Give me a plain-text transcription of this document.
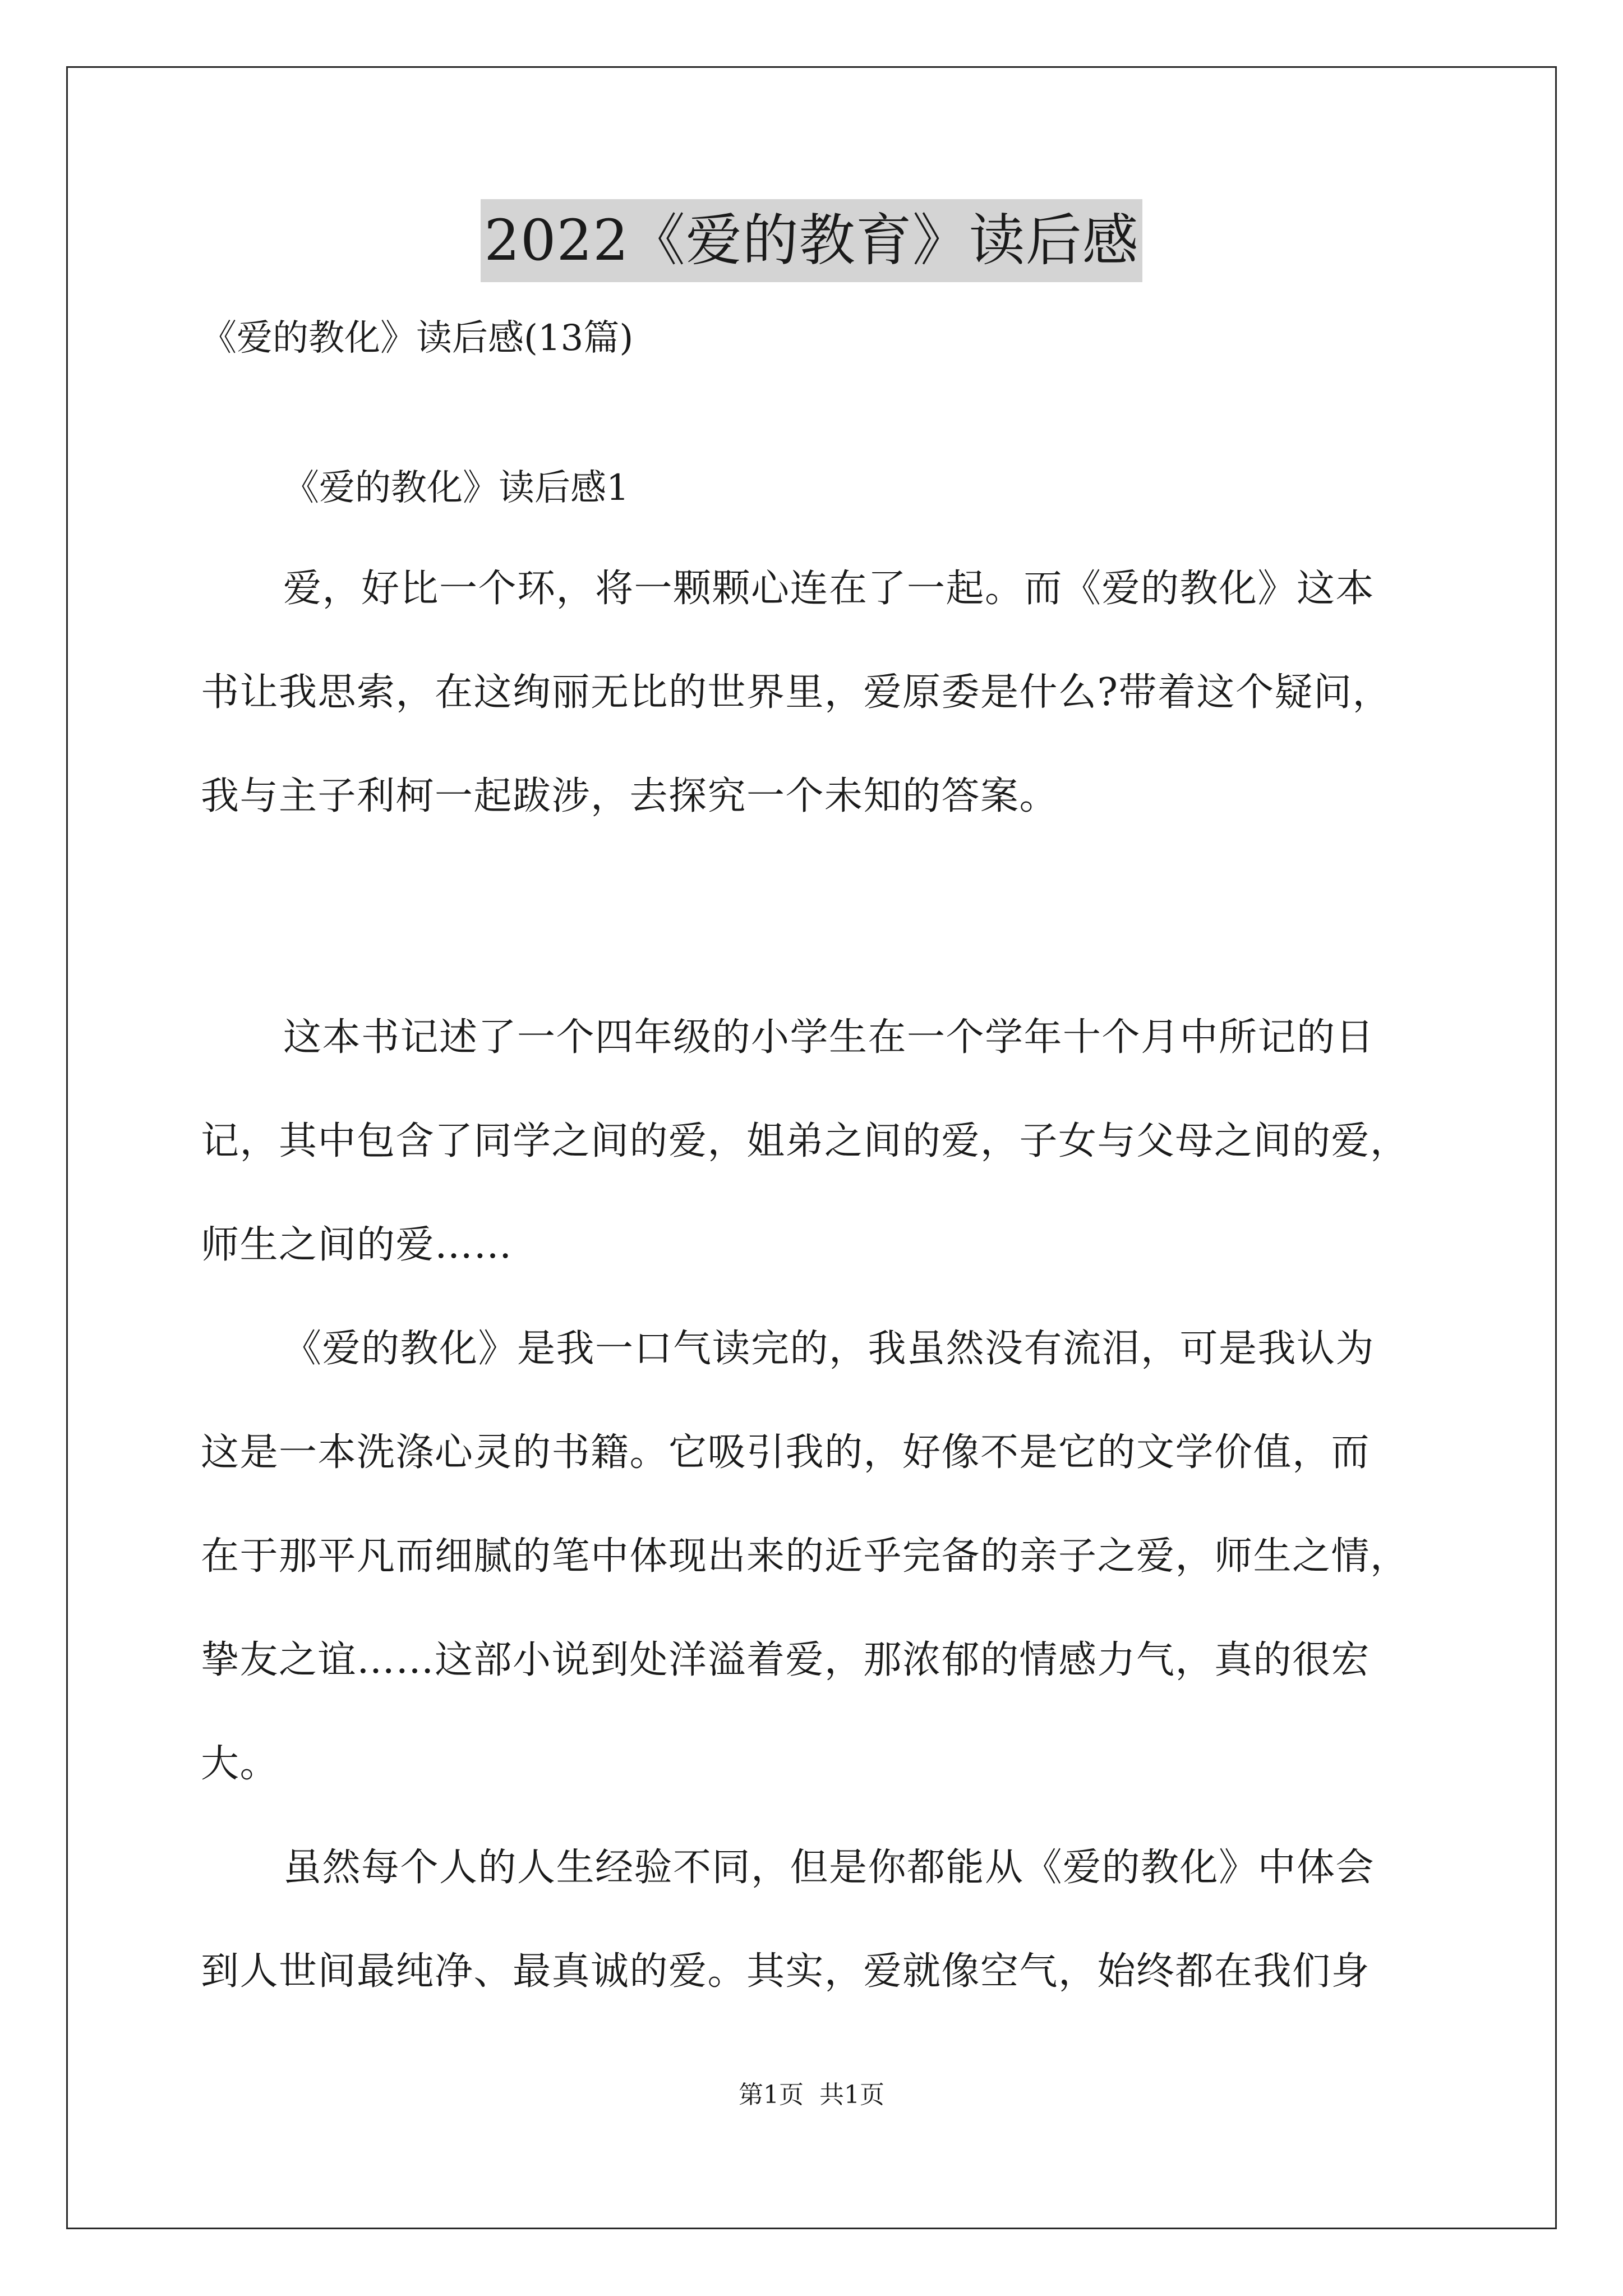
2022《爱的教育》读后感
《爱的教化》读后感(13篇)
《爱的教化》读后感1
爱，好比一个环，将一颗颗心连在了一起。而《爱的教化》这本
书让我思索，在这绚丽无比的世界里，爱原委是什么?带着这个疑问，
我与主子利柯一起跋涉，去探究一个未知的答案。
这本书记述了一个四年级的小学生在一个学年十个月中所记的日
记，其中包含了同学之间的爱，姐弟之间的爱，子女与父母之间的爱，
师生之间的爱……
《爱的教化》是我一口气读完的，我虽然没有流泪，可是我认为
这是一本洗涤心灵的书籍。它吸引我的，好像不是它的文学价值，而
在于那平凡而细腻的笔中体现出来的近乎完备的亲子之爱，师生之情，
挚友之谊……这部小说到处洋溢着爱，那浓郁的情感力气，真的很宏
大。
虽然每个人的人生经验不同，但是你都能从《爱的教化》中体会
到人世间最纯净、最真诚的爱。其实，爱就像空气，始终都在我们身
第1页  共1页
